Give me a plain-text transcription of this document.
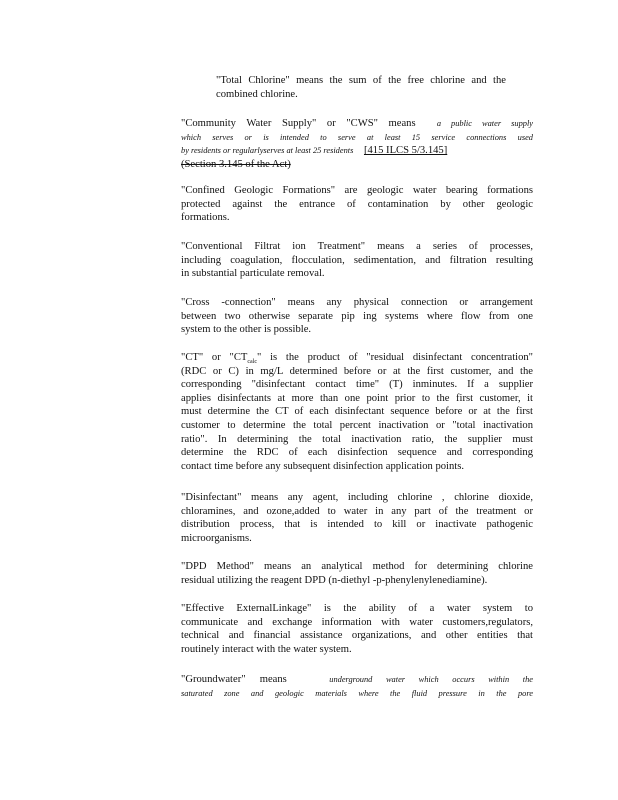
"Total Chlorine" means the sum of the free chlorine and the
combined chlorine.
"Community Water Supply" or "CWS" means	a public water supply
which serves or is intended to serve at least 15 service connections used
by residents or regularlyserves at least 25 residents [415 ILCS 5/3.145]
(Section 3.145 of the Act)
"Confined Geologic Formations" are geologic water bearing formations
protected against the entrance of contamination by other geologic
formations.
"Conventional Filtrat ion Treatment" means a series of processes,
including coagulation, flocculation, sedimentation, and filtration resulting
in substantial particulate removal.
"Cross -connection" means any physical connection or arrangement
between two otherwise separate pip ing systems where flow from one
system to the other is possible.
"CT" or "$CT_{calc}$" is the product of "residual disinfectant concentration"
(RDC or C) in mg/L determined before or at the first customer, and the
corresponding "disinfectant contact time" (T) inminutes. If a supplier
applies disinfectants at more than one point prior to the first customer, it
must determine the CT of each disinfectant sequence before or at the first
customer to determine the total percent inactivation or "total inactivation
ratio". In determining the total inactivation ratio, the supplier must
determine the RDC of each disinfection sequence and corresponding
contact time before any subsequent disinfection application points.
"Disinfectant" means any agent, including chlorine , chlorine dioxide,
chloramines, and ozone,added to water in any part of the treatment or
distribution process, that is intended to kill or inactivate pathogenic
microorganisms.
"DPD Method" means an analytical method for determining chlorine
residual utilizing the reagent DPD (n-diethyl -p-phenylenylenediamine).
"Effective ExternalLinkage" is the ability of a water system to
communicate and exchange information with water customers,regulators,
technical and financial assistance organizations, and other entities that
routinely interact with the water system.
"Groundwater" means	underground water which occurs within the
saturated zone and geologic materials where the fluid pressure in the pore
